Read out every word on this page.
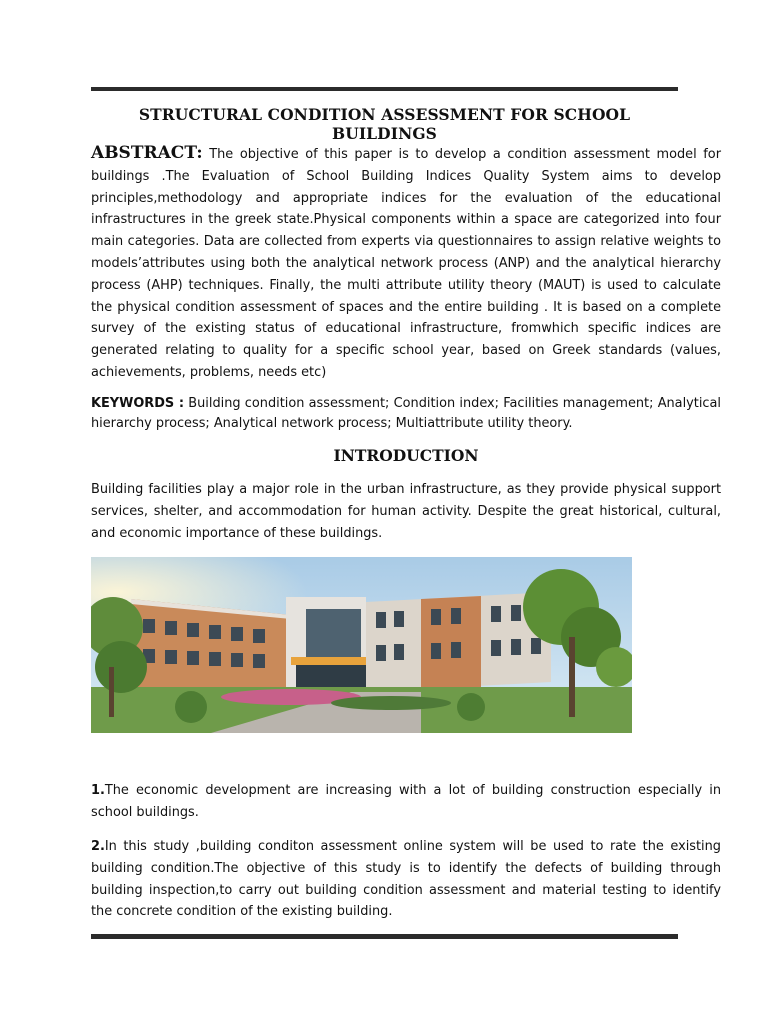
STRUCTURAL CONDITION ASSESSMENT FOR SCHOOL BUILDINGS
ABSTRACT: The objective of this paper is to develop a condition assessment model for buildings .The Evaluation of School Building Indices Quality System aims to develop principles,methodology and appropriate indices for the evaluation of the educational infrastructures in the greek state.Physical components within a space are categorized into four main categories. Data are collected from experts via questionnaires to assign relative weights to models’attributes using both the analytical network process (ANP) and the analytical hierarchy process (AHP) techniques. Finally, the multi attribute utility theory (MAUT) is used to calculate the physical condition assessment of spaces and the entire building . It is based on a complete survey of the existing status of educational infrastructure, fromwhich specific indices are generated relating to quality for a specific school year, based on Greek standards (values, achievements, problems, needs etc)
KEYWORDS : Building condition assessment; Condition index; Facilities management; Analytical hierarchy process; Analytical network process; Multiattribute utility theory.
INTRODUCTION
Building facilities play a major role in the urban infrastructure, as they provide physical support services, shelter, and accommodation for human activity. Despite the great historical, cultural, and economic importance of these buildings.
1.The economic development are increasing with a lot of building construction especially in school buildings.
2.In this study ,building conditon assessment online system will be used to rate the existing building condition.The objective of this study is to identify the defects of building through building inspection,to carry out building condition assessment and material testing to identify the concrete condition of the existing building.
